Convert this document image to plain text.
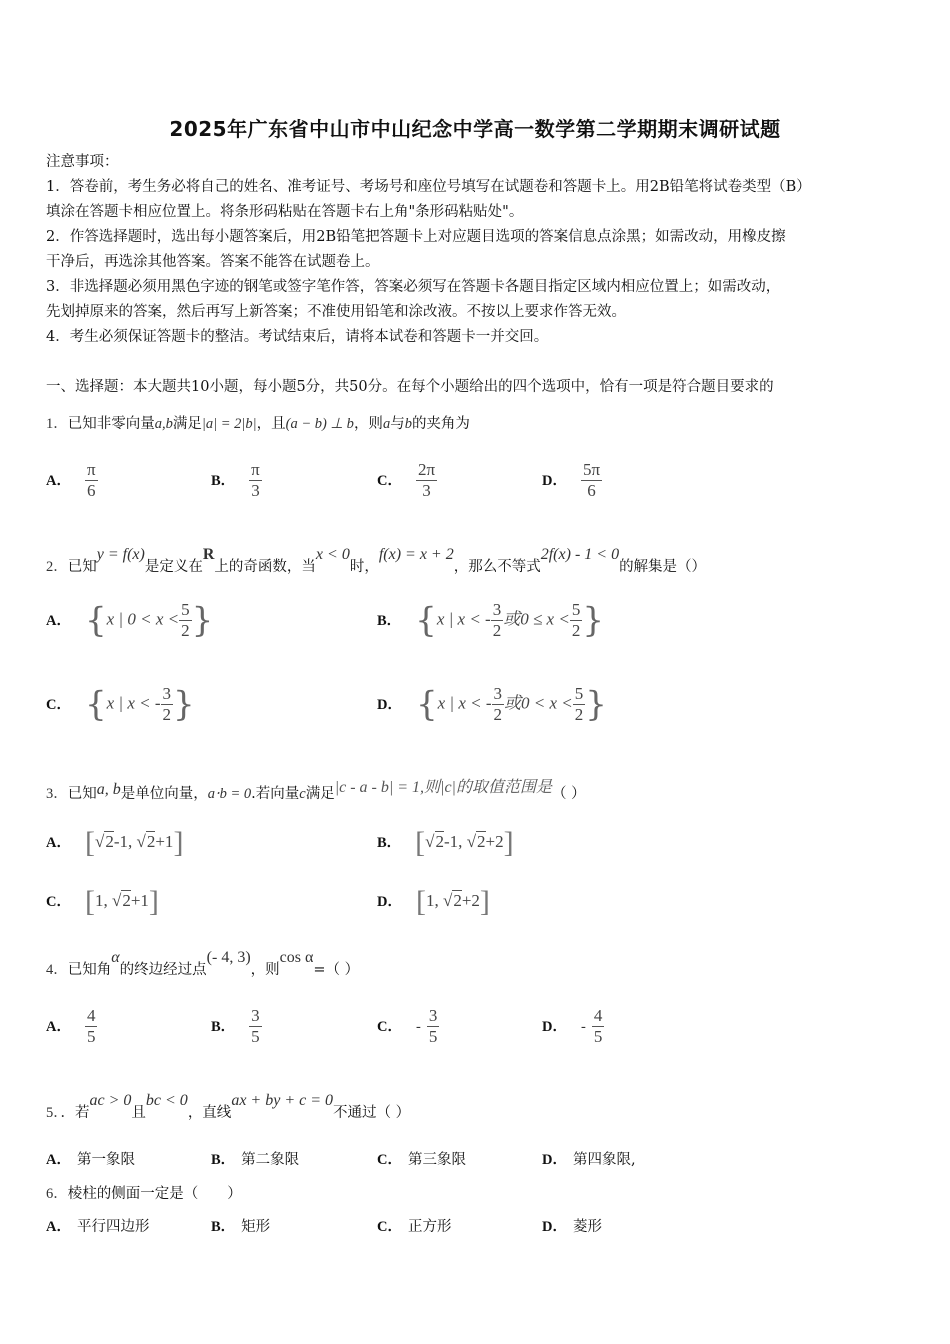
2025年广东省中山市中山纪念中学高一数学第二学期期末调研试题

注意事项：

1．答卷前，考生务必将自己的姓名、准考证号、考场号和座位号填写在试题卷和答题卡上。用2B铅笔将试卷类型（B）

填涂在答题卡相应位置上。将条形码粘贴在答题卡右上角"条形码粘贴处"。

2．作答选择题时，选出每小题答案后，用2B铅笔把答题卡上对应题目选项的答案信息点涂黑；如需改动，用橡皮擦

干净后，再选涂其他答案。答案不能答在试题卷上。

3．非选择题必须用黑色字迹的钢笔或签字笔作答，答案必须写在答题卡各题目指定区域内相应位置上；如需改动，

先划掉原来的答案，然后再写上新答案；不准使用铅笔和涂改液。不按以上要求作答无效。

4．考生必须保证答题卡的整洁。考试结束后，请将本试卷和答题卡一并交回。

一、选择题：本大题共10小题，每小题5分，共50分。在每个小题给出的四个选项中，恰有一项是符合题目要求的
1．已知非零向量a,b满足|a| = 2|b|，且(a − b) ⊥ b，则a与b的夹角为
A． $\frac{\pi}{6}$	B． $\frac{\pi}{3}$	C． $\frac{2\pi}{3}$	D． $\frac{5\pi}{6}$
2．已知y = f(x)是定义在R上的奇函数，当x < 0时，f(x) = x + 2，那么不等式2f(x) - 1 < 0的解集是（）
A． {x | $0 < x < \frac{5}{2}$ }	B． {x | x < - $\frac{3}{2}$ 或$0 \le x < \frac{5}{2}$ }
C． {x | x < - $\frac{3}{2}$ }	D． {x | x < - $\frac{3}{2}$ 或$0 < x < \frac{5}{2}$ }
3．已知a, b是单位向量，a⋅b = 0.若向量c满足|c - a - b| = 1,则|c|的取值范围是（ ）
A． [√2-1, √2+1]	B． [√2-1, √2+2]
C． [1, √2+1]	D． [1, √2+2]
4．已知角α的终边经过点(- 4, 3)，则cos α=（ ）
A． $\frac{4}{5}$	B． $\frac{3}{5}$	C． - $\frac{3}{5}$	D． - $\frac{4}{5}$
5．．若ac > 0且bc < 0，直线ax + by + c = 0不通过（ ）
A． 第一象限	B． 第二象限	C． 第三象限	D． 第四象限,
6．棱柱的侧面一定是（　　）
A． 平行四边形	B． 矩形	C． 正方形	D． 菱形
